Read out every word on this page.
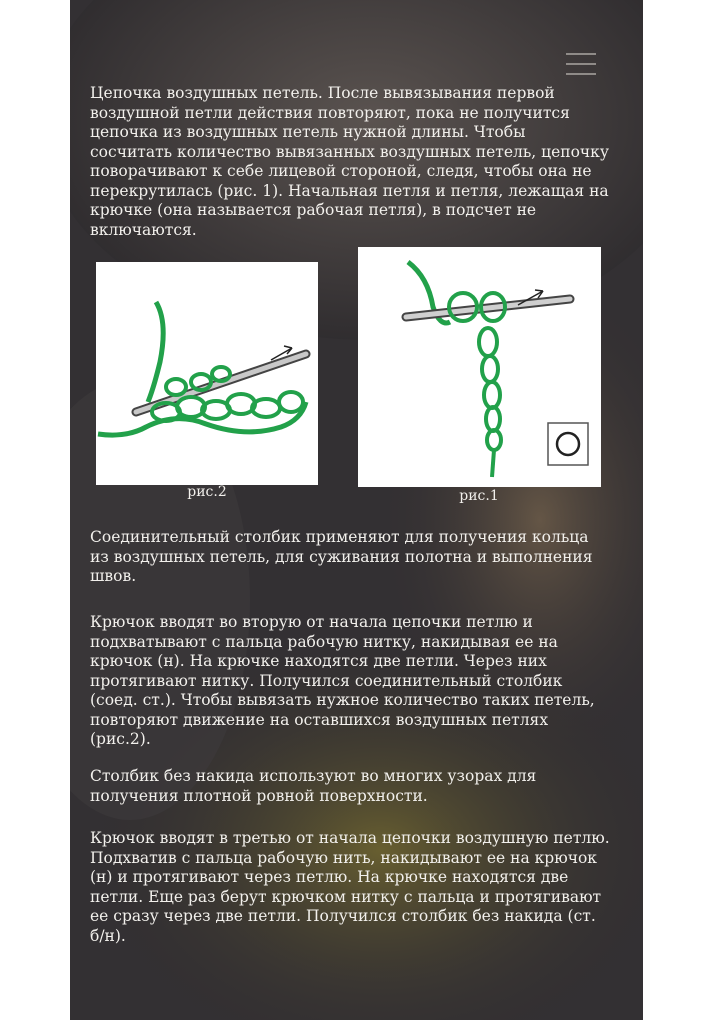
Цепочка воздушных петель. После вывязывания первой воздушной петли действия повторяют, пока не получится цепочка из воздушных петель нужной длины. Чтобы сосчитать количество вывязанных воздушных петель, цепочку поворачивают к себе лицевой стороной, следя, чтобы она не перекрутилась (рис. 1). Начальная петля и петля, лежащая на крючке (она называется рабочая петля), в подсчет не включаются.

рис.2	рис.1

Соединительный столбик применяют для получения кольца из воздушных петель, для суживания полотна и выполнения швов.

Крючок вводят во вторую от начала цепочки петлю и подхватывают с пальца рабочую нитку, накидывая ее на крючок (н). На крючке находятся две петли. Через них протягивают нитку. Получился соединительный столбик (соед. ст.). Чтобы вывязать нужное количество таких петель, повторяют движение на оставшихся воздушных петлях (рис.2).

Столбик без накида используют во многих узорах для получения плотной ровной поверхности.

Крючок вводят в третью от начала цепочки воздушную петлю. Подхватив с пальца рабочую нить, накидывают ее на крючок (н) и протягивают через петлю. На крючке находятся две петли. Еще раз берут крючком нитку с пальца и протягивают ее сразу через две петли. Получился столбик без накида (ст. б/н).
